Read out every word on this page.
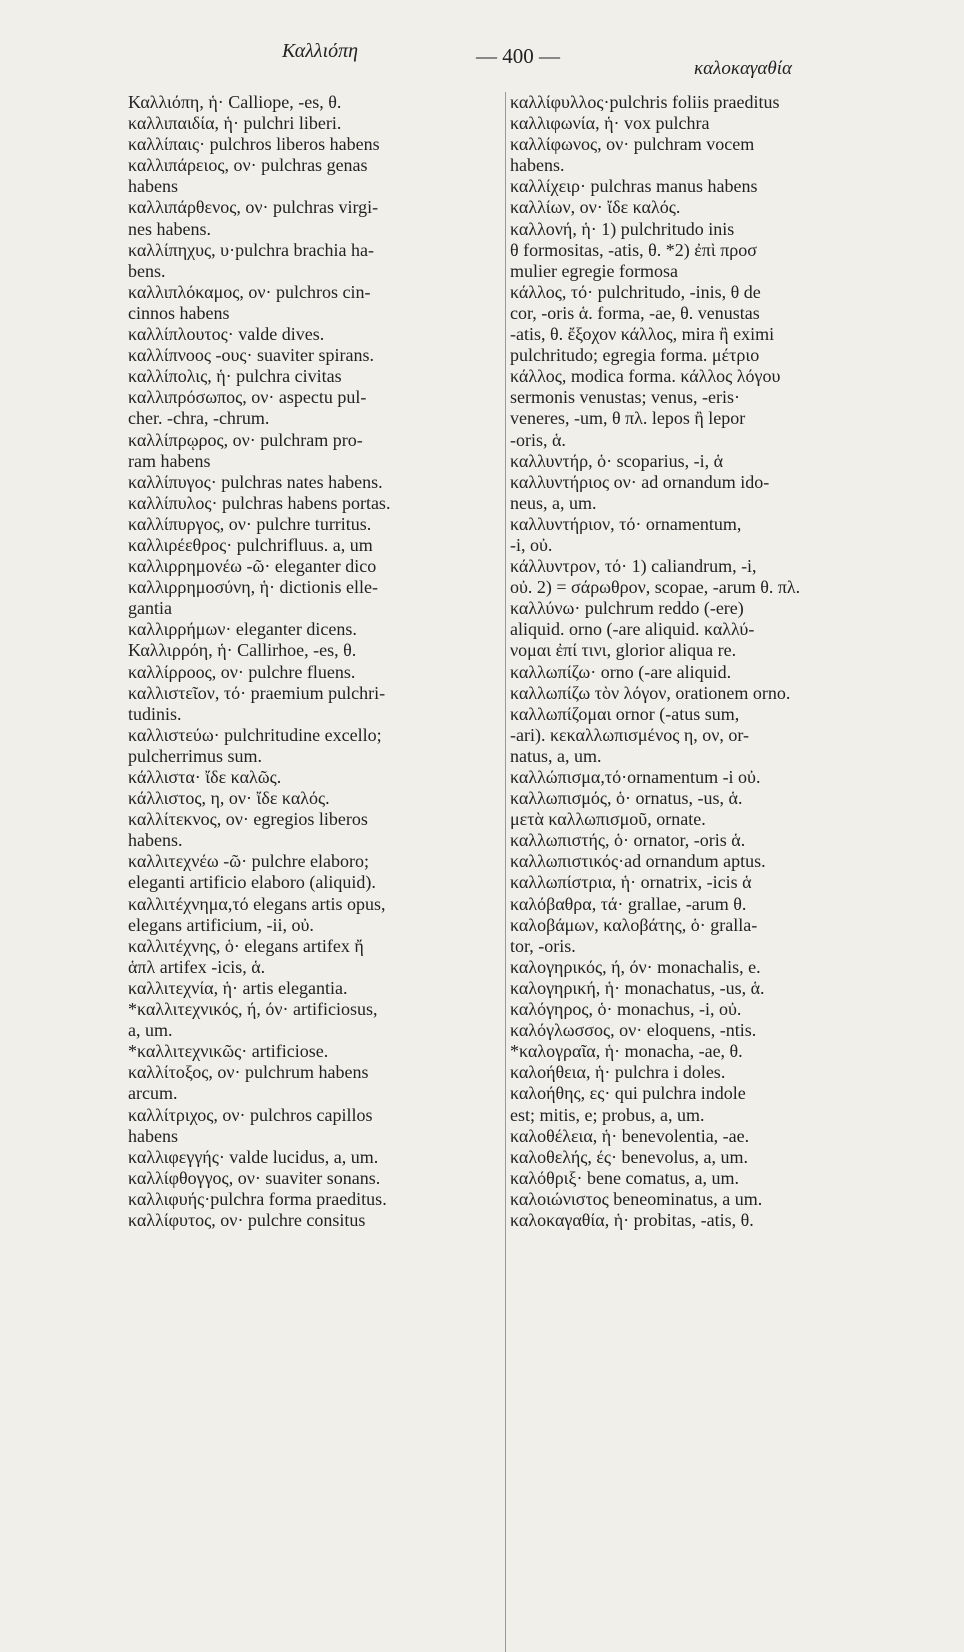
Καλλιόπη	— 400 —
καλοκαγαθία
Καλλιόπη, ἡ· Calliope, -es, θ.
καλλιπαιδία, ἡ· pulchri liberi.
καλλίπαις· pulchros liberos habens
καλλιπάρειος, ον· pulchras genas
habens
καλλιπάρθενος, ον· pulchras virgi-
nes habens.
καλλίπηχυς, υ·pulchra brachia ha-
bens.
καλλιπλόκαμος, ον· pulchros cin-
cinnos habens
καλλίπλουτος· valde dives.
καλλίπνοος -ους· suaviter spirans.
καλλίπολις, ἡ· pulchra civitas
καλλιπρόσωπος, ον· aspectu pul-
cher. -chra, -chrum.
καλλίπρῳρος, ον· pulchram pro-
ram habens
καλλίπυγος· pulchras nates habens.
καλλίπυλος· pulchras habens portas.
καλλίπυργος, ον· pulchre turritus.
καλλιρέεθρος· pulchrifluus. a, um
καλλιρρημονέω -ῶ· eleganter dico
καλλιρρημοσύνη, ἡ· dictionis elle-
gantia
καλλιρρήμων· eleganter dicens.
Καλλιρρόη, ἡ· Callirhoe, -es, θ.
καλλίρροος, ον· pulchre fluens.
καλλιστεῖον, τό· praemium pulchri-
tudinis.
καλλιστεύω· pulchritudine excello;
pulcherrimus sum.
κάλλιστα· ἴδε καλῶς.
κάλλιστος, η, ον· ἴδε καλός.
καλλίτεκνος, ον· egregios liberos
habens.
καλλιτεχνέω -ῶ· pulchre elaboro;
eleganti artificio elaboro (aliquid).
καλλιτέχνημα,τό elegans artis opus,
elegans artificium, -ii, οὐ.
καλλιτέχνης, ὁ· elegans artifex ἤ
ἁπλ artifex -icis, ἁ.
καλλιτεχνία, ἡ· artis elegantia.
*καλλιτεχνικός, ή, όν· artificiosus,
a, um.
*καλλιτεχνικῶς· artificiose.
καλλίτοξος, ον· pulchrum habens
arcum.
καλλίτριχος, ον· pulchros capillos
habens
καλλιφεγγής· valde lucidus, a, um.
καλλίφθογγος, ον· suaviter sonans.
καλλιφυής·pulchra forma praeditus.
καλλίφυτος, ον· pulchre consitus
καλλίφυλλος·pulchris foliis praeditus
καλλιφωνία, ἡ· vox pulchra
καλλίφωνος, ον· pulchram vocem
habens.
καλλίχειρ· pulchras manus habens
καλλίων, ον· ἴδε καλός.
καλλονή, ἡ· 1) pulchritudo inis
θ formositas, -atis, θ. *2) ἐπὶ προσ
mulier egregie formosa
κάλλος, τό· pulchritudo, -inis, θ de
cor, -oris ἁ. forma, -ae, θ. venustas
-atis, θ. ἔξοχον κάλλος, mira ἢ eximi
pulchritudo; egregia forma. μέτριο
κάλλος, modica forma. κάλλος λόγου
sermonis venustas; venus, -eris·
veneres, -um, θ πλ. lepos ἢ lepor
-oris, ἁ.
καλλυντήρ, ὁ· scoparius, -i, ἁ
καλλυντήριος ον· ad ornandum ido-
neus, a, um.
καλλυντήριον, τό· ornamentum,
-i, οὐ.
κάλλυντρον, τό· 1) caliandrum, -i,
οὐ. 2) = σάρωθρον, scopae, -arum θ. πλ.
καλλύνω· pulchrum reddo (-ere)
aliquid. orno (-are aliquid. καλλύ-
νομαι ἐπί τινι, glorior aliqua re.
καλλωπίζω· orno (-are aliquid.
καλλωπίζω τὸν λόγον, orationem orno.
καλλωπίζομαι ornor (-atus sum,
-ari). κεκαλλωπισμένος η, ον, or-
natus, a, um.
καλλώπισμα,τό·ornamentum -i οὐ.
καλλωπισμός, ὁ· ornatus, -us, ἁ.
μετὰ καλλωπισμοῦ, ornate.
καλλωπιστής, ὁ· ornator, -oris ἁ.
καλλωπιστικός·ad ornandum aptus.
καλλωπίστρια, ἡ· ornatrix, -icis ἁ
καλόβαθρα, τά· grallae, -arum θ.
καλοβάμων, καλοβάτης, ὁ· gralla-
tor, -oris.
καλογηρικός, ή, όν· monachalis, e.
καλογηρική, ἡ· monachatus, -us, ἁ.
καλόγηρος, ὁ· monachus, -i, οὐ.
καλόγλωσσος, ον· eloquens, -ntis.
*καλογραῖα, ἡ· monacha, -ae, θ.
καλοήθεια, ἡ· pulchra i doles.
καλοήθης, ες· qui pulchra indole
est; mitis, e; probus, a, um.
καλοθέλεια, ἡ· benevolentia, -ae.
καλοθελής, ές· benevolus, a, um.
καλόθριξ· bene comatus, a, um.
καλοιώνιστος beneominatus, a um.
καλοκαγαθία, ἡ· probitas, -atis, θ.
